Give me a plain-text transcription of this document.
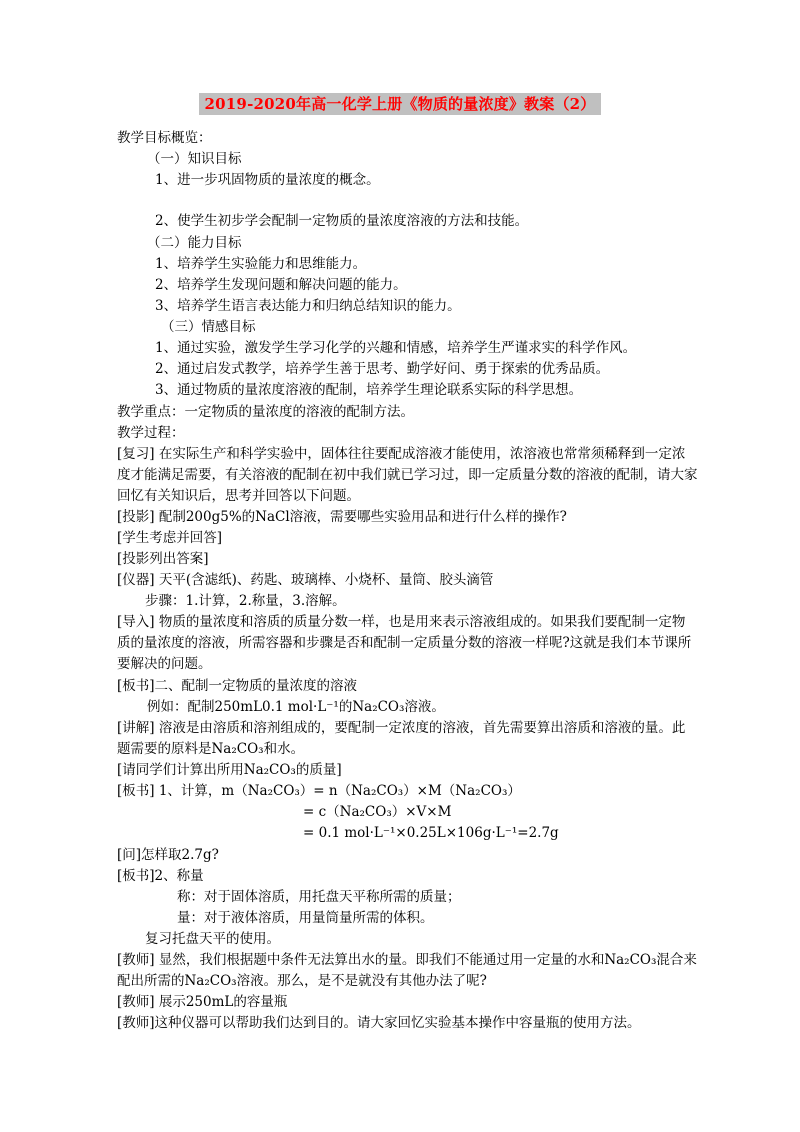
2019-2020年高一化学上册《物质的量浓度》教案（2）
教学目标概览：
（一）知识目标
1、进一步巩固物质的量浓度的概念。
2、使学生初步学会配制一定物质的量浓度溶液的方法和技能。
（二）能力目标
1、培养学生实验能力和思维能力。
2、培养学生发现问题和解决问题的能力。
3、培养学生语言表达能力和归纳总结知识的能力。
（三）情感目标
1、通过实验，激发学生学习化学的兴趣和情感，培养学生严谨求实的科学作风。
2、通过启发式教学，培养学生善于思考、勤学好问、勇于探索的优秀品质。
3、通过物质的量浓度溶液的配制，培养学生理论联系实际的科学思想。
教学重点：一定物质的量浓度的溶液的配制方法。
教学过程：
[复习] 在实际生产和科学实验中，固体往往要配成溶液才能使用，浓溶液也常常须稀释到一定浓
度才能满足需要，有关溶液的配制在初中我们就已学习过，即一定质量分数的溶液的配制，请大家
回忆有关知识后，思考并回答以下问题。
[投影] 配制200g5%的NaCl溶液，需要哪些实验用品和进行什么样的操作?
[学生考虑并回答]
[投影列出答案]
[仪器] 天平(含滤纸)、药匙、玻璃棒、小烧杯、量筒、胶头滴管
步骤：1.计算，2.称量，3.溶解。
[导入] 物质的量浓度和溶质的质量分数一样，也是用来表示溶液组成的。如果我们要配制一定物
质的量浓度的溶液，所需容器和步骤是否和配制一定质量分数的溶液一样呢?这就是我们本节课所
要解决的问题。
[板书]二、配制一定物质的量浓度的溶液
例如：配制250mL0.1 mol·L⁻¹的Na₂CO₃溶液。
[讲解] 溶液是由溶质和溶剂组成的，要配制一定浓度的溶液，首先需要算出溶质和溶液的量。此
题需要的原料是Na₂CO₃和水。
[请同学们计算出所用Na₂CO₃的质量]
[板书] 1、计算，m（Na₂CO₃）= n（Na₂CO₃）×M（Na₂CO₃）
= c（Na₂CO₃）×V×M
= 0.1 mol·L⁻¹×0.25L×106g·L⁻¹=2.7g
[问]怎样取2.7g?
[板书]2、称量
称：对于固体溶质，用托盘天平称所需的质量；
量：对于液体溶质，用量筒量所需的体积。
复习托盘天平的使用。
[教师] 显然，我们根据题中条件无法算出水的量。即我们不能通过用一定量的水和Na₂CO₃混合来
配出所需的Na₂CO₃溶液。那么，是不是就没有其他办法了呢?
[教师] 展示250mL的容量瓶
[教师]这种仪器可以帮助我们达到目的。请大家回忆实验基本操作中容量瓶的使用方法。
